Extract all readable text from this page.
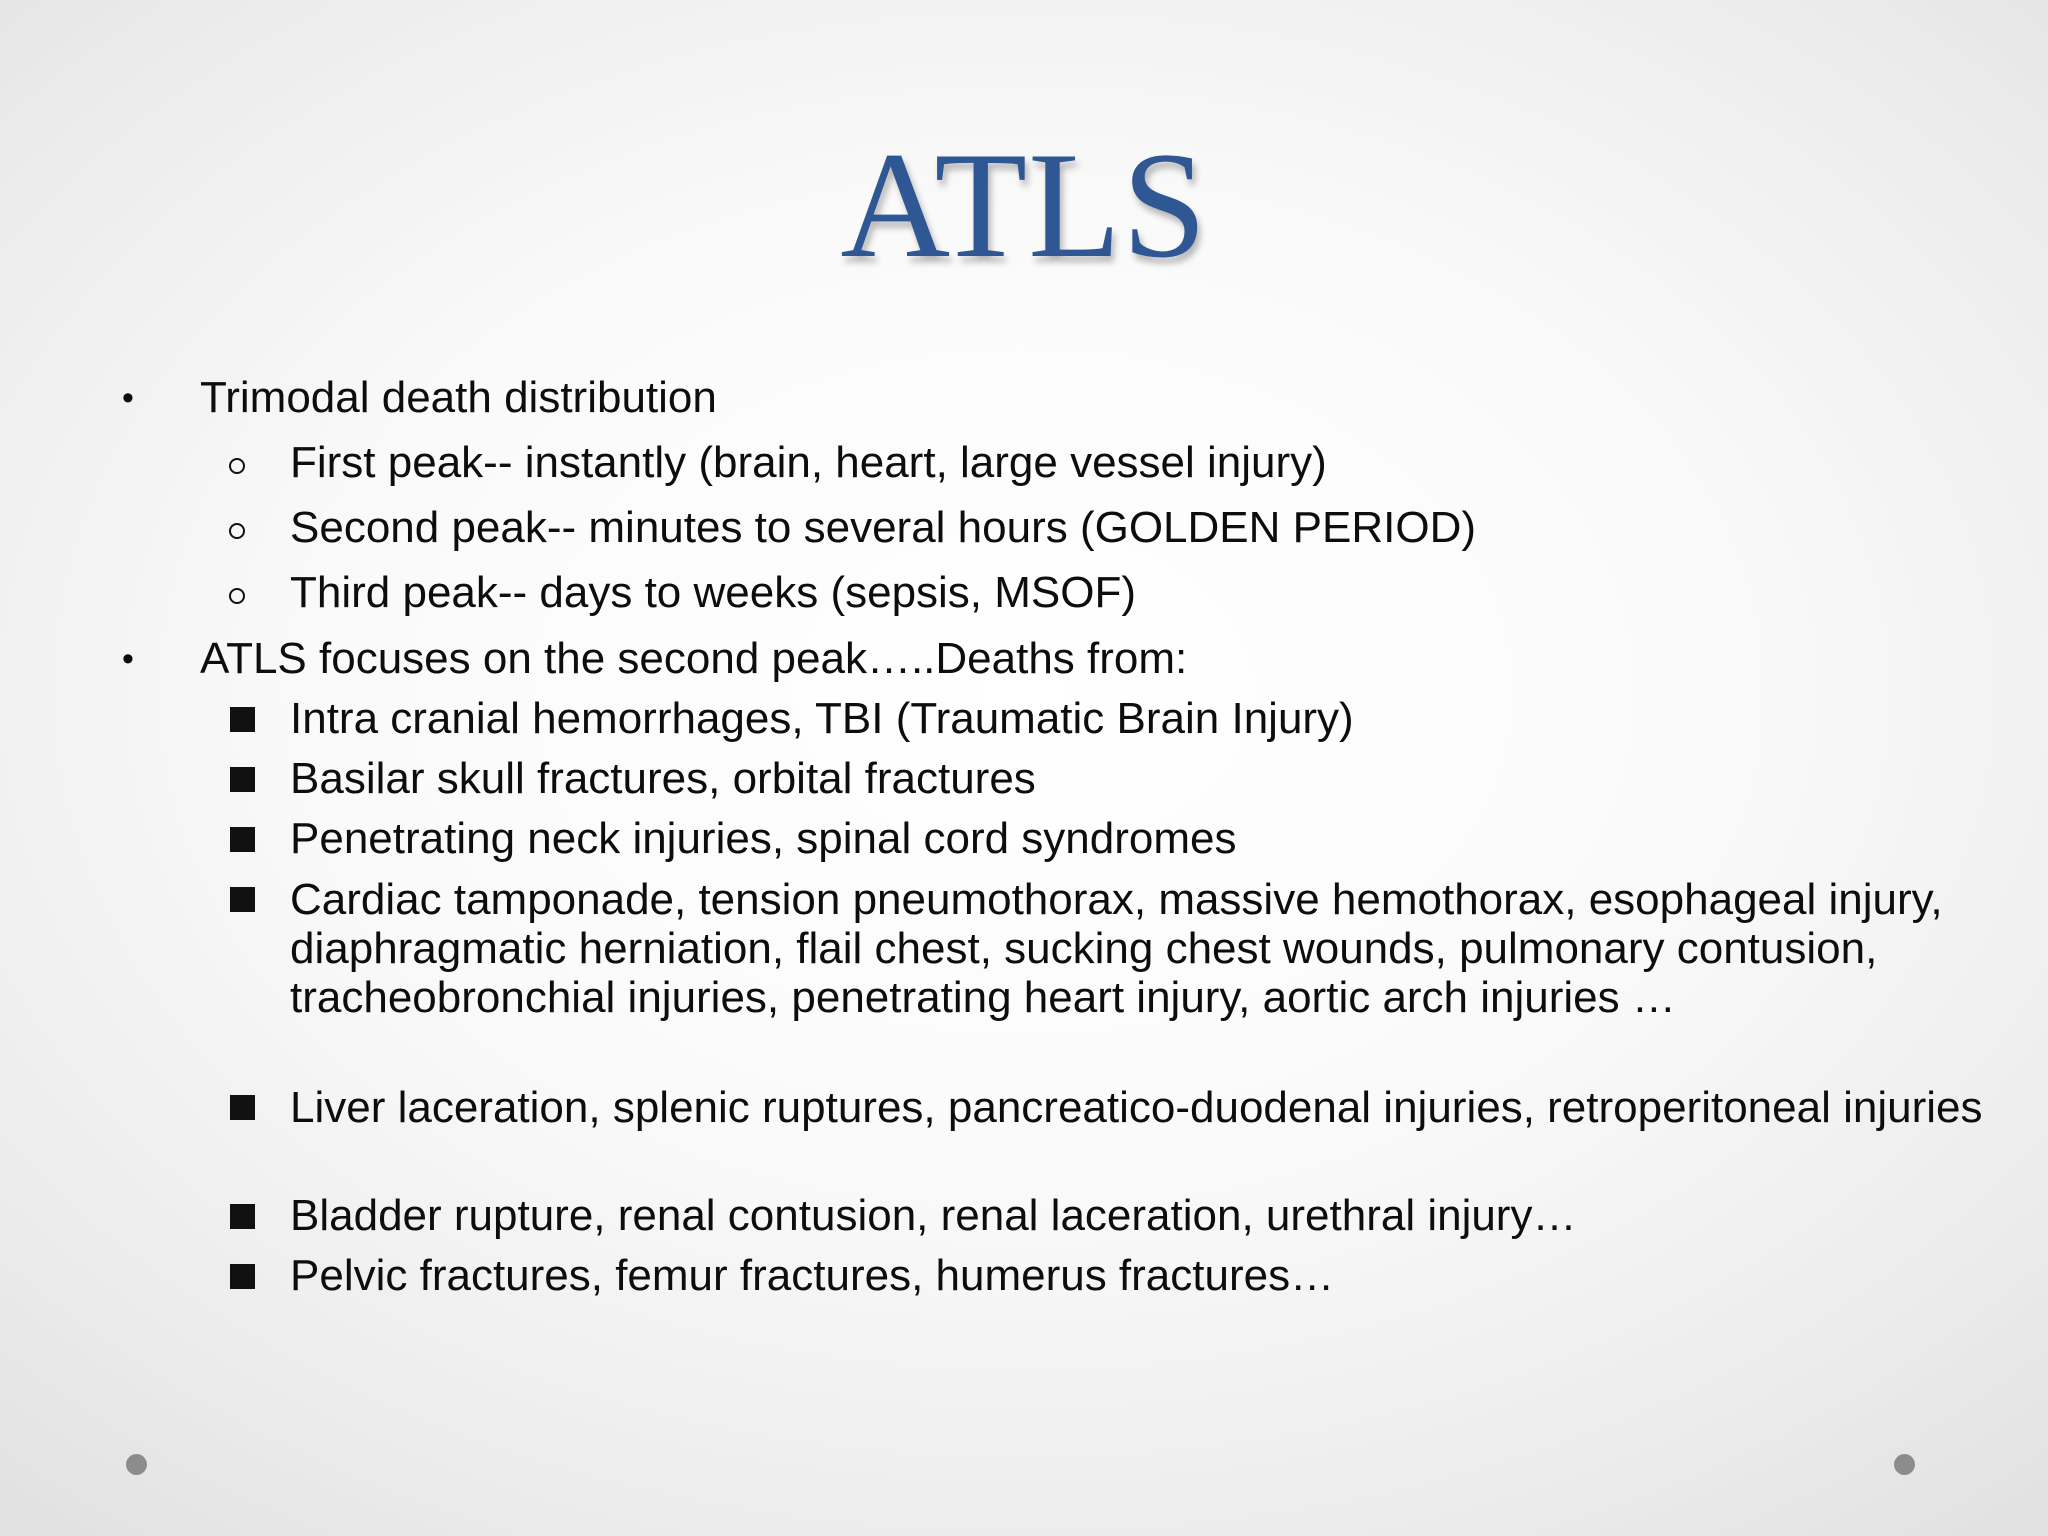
ATLS
• Trimodal death distribution
First peak-- instantly (brain, heart, large vessel injury)
Second peak-- minutes to several hours (GOLDEN PERIOD)
Third peak-- days to weeks (sepsis, MSOF)
• ATLS focuses on the second peak…..Deaths from:
Intra cranial hemorrhages, TBI (Traumatic Brain Injury)
Basilar skull fractures, orbital fractures
Penetrating neck injuries, spinal cord syndromes
Cardiac tamponade, tension pneumothorax, massive hemothorax, esophageal injury, diaphragmatic herniation, flail chest, sucking chest wounds, pulmonary contusion, tracheobronchial injuries, penetrating heart injury, aortic arch injuries …
Liver laceration, splenic ruptures, pancreatico-duodenal injuries, retroperitoneal injuries
Bladder rupture, renal contusion, renal laceration, urethral injury…
Pelvic fractures, femur fractures, humerus fractures…
